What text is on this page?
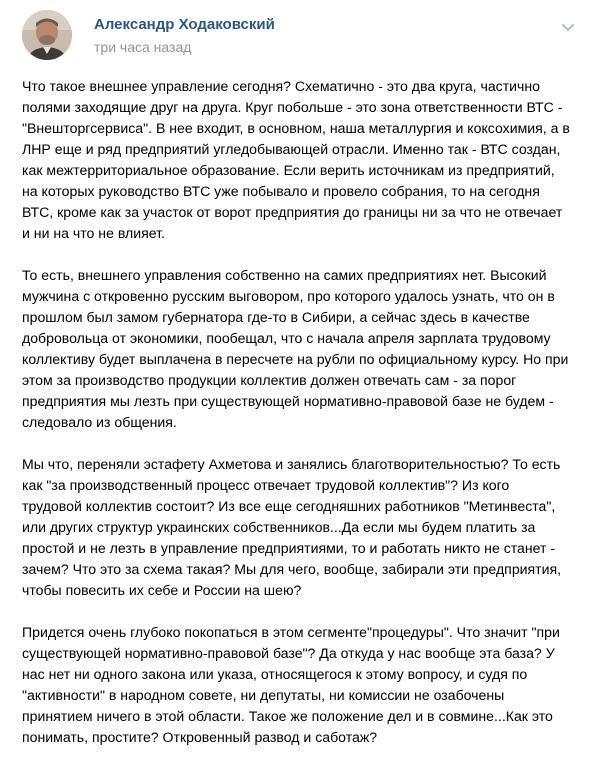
Александр Ходаковский
три часа назад

Что такое внешнее управление сегодня? Схематично - это два круга, частично
полями заходящие друг на друга. Круг побольше - это зона ответственности ВТС -
"Внешторгсервиса". В нее входит, в основном, наша металлургия и коксохимия, а в
ЛНР еще и ряд предприятий угледобывающей отрасли. Именно так - ВТС создан,
как межтерриториальное образование. Если верить источникам из предприятий,
на которых руководство ВТС уже побывало и провело собрания, то на сегодня
ВТС, кроме как за участок от ворот предприятия до границы ни за что не отвечает
и ни на что не влияет.

То есть, внешнего управления собственно на самих предприятиях нет. Высокий
мужчина с откровенно русским выговором, про которого удалось узнать, что он в
прошлом был замом губернатора где-то в Сибири, а сейчас здесь в качестве
добровольца от экономики, пообещал, что с начала апреля зарплата трудовому
коллективу будет выплачена в пересчете на рубли по официальному курсу. Но при
этом за производство продукции коллектив должен отвечать сам - за порог
предприятия мы лезть при существующей нормативно-правовой базе не будем -
следовало из общения.

Мы что, переняли эстафету Ахметова и занялись благотворительностью? То есть
как "за производственный процесс отвечает трудовой коллектив"? Из кого
трудовой коллектив состоит? Из все еще сегодняшних работников "Метинвеста",
или других структур украинских собственников...Да если мы будем платить за
простой и не лезть в управление предприятиями, то и работать никто не станет -
зачем? Что это за схема такая? Мы для чего, вообще, забирали эти предприятия,
чтобы повесить их себе и России на шею?

Придется очень глубоко покопаться в этом сегменте"процедуры". Что значит "при
существующей нормативно-правовой базе"? Да откуда у нас вообще эта база? У
нас нет ни одного закона или указа, относящегося к этому вопросу, и судя по
"активности" в народном совете, ни депутаты, ни комиссии не озабочены
принятием ничего в этой области. Такое же положение дел и в совмине...Как это
понимать, простите? Откровенный развод и саботаж?
